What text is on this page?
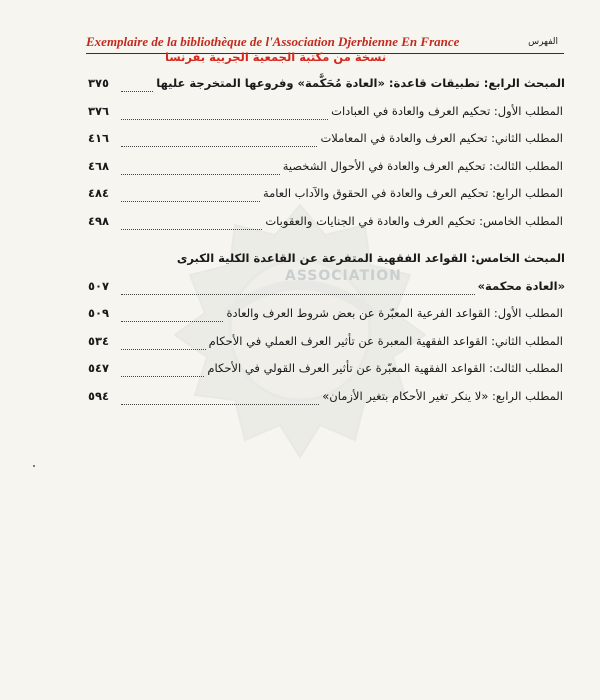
ASSOCIATION
Exemplaire de la bibliothèque de l'Association Djerbienne En France	الفهرس
نسخة من مكتبة الجمعية الجربية بفرنسا
المبحث الرابع: تطبيقات قاعدة: «العادة مُحَكَّمة» وفروعها المتخرجة عليها
٣٧٥
المطلب الأول: تحكيم العرف والعادة في العبادات
٣٧٦
المطلب الثاني: تحكيم العرف والعادة في المعاملات
٤١٦
المطلب الثالث: تحكيم العرف والعادة في الأحوال الشخصية
٤٦٨
المطلب الرابع: تحكيم العرف والعادة في الحقوق والآداب العامة
٤٨٤
المطلب الخامس: تحكيم العرف والعادة في الجنايات والعقوبات
٤٩٨
المبحث الخامس: القواعد الفقهية المتفرعة عن القاعدة الكلية الكبرى
«العادة محكمة»
٥٠٧
المطلب الأول: القواعد الفرعية المعبّرة عن بعض شروط العرف والعادة
٥٠٩
المطلب الثاني: القواعد الفقهية المعبرة عن تأثير العرف العملي في الأحكام
٥٣٤
المطلب الثالث: القواعد الفقهية المعبّرة عن تأثير العرف القولي في الأحكام
٥٤٧
المطلب الرابع: «لا ينكر تغير الأحكام بتغير الأزمان»
٥٩٤
